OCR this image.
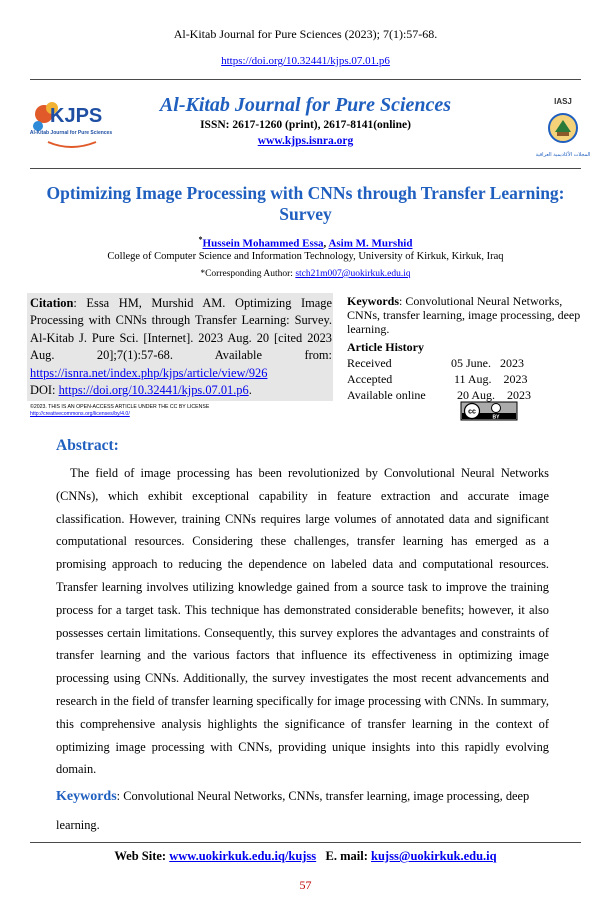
Al-Kitab Journal for Pure Sciences (2023); 7(1):57-68.
https://doi.org/10.32441/kjps.07.01.p6
KJPS
Al-Kitab Journal for Pure Sciences
Al-Kitab Journal for Pure Sciences
ISSN: 2617-1260 (print), 2617-8141(online)
www.kjps.isnra.org
IASJ
المجلات الأكاديمية العراقية
Optimizing Image Processing with CNNs through Transfer Learning: Survey
*Hussein Mohammed Essa, Asim M. Murshid
College of Computer Science and Information Technology, University of Kirkuk, Kirkuk, Iraq
*Corresponding Author: stch21m007@uokirkuk.edu.iq
Citation: Essa HM, Murshid AM. Optimizing Image Processing with CNNs through Transfer Learning: Survey. Al-Kitab J. Pure Sci. [Internet]. 2023 Aug. 20 [cited 2023 Aug. 20];7(1):57-68. Available from: https://isnra.net/index.php/kjps/article/view/926
DOI: https://doi.org/10.32441/kjps.07.01.p6.
Keywords: Convolutional Neural Networks, CNNs, transfer learning, image processing, deep learning.
Article History
Received	05 June.   2023
Accepted	11 Aug.    2023
Available online 20 Aug.    2023
©2023. THIS IS AN OPEN-ACCESS ARTICLE UNDER THE CC BY LICENSE
http://creativecommons.org/licenses/by/4.0/	cc
BY
Abstract:
The field of image processing has been revolutionized by Convolutional Neural Networks (CNNs), which exhibit exceptional capability in feature extraction and accurate image classification. However, training CNNs requires large volumes of annotated data and significant computational resources. Considering these challenges, transfer learning has emerged as a promising approach to reducing the dependence on labeled data and computational resources. Transfer learning involves utilizing knowledge gained from a source task to improve the training process for a target task. This technique has demonstrated considerable benefits; however, it also possesses certain limitations. Consequently, this survey explores the advantages and constraints of transfer learning and the various factors that influence its effectiveness in optimizing image processing using CNNs. Additionally, the survey investigates the most recent advancements and research in the field of transfer learning specifically for image processing with CNNs. In summary, this comprehensive analysis highlights the significance of transfer learning in the context of optimizing image processing with CNNs, providing unique insights into this rapidly evolving domain.
Keywords: Convolutional Neural Networks, CNNs, transfer learning, image processing, deep learning.
Web Site: www.uokirkuk.edu.iq/kujss E. mail: kujss@uokirkuk.edu.iq
57
